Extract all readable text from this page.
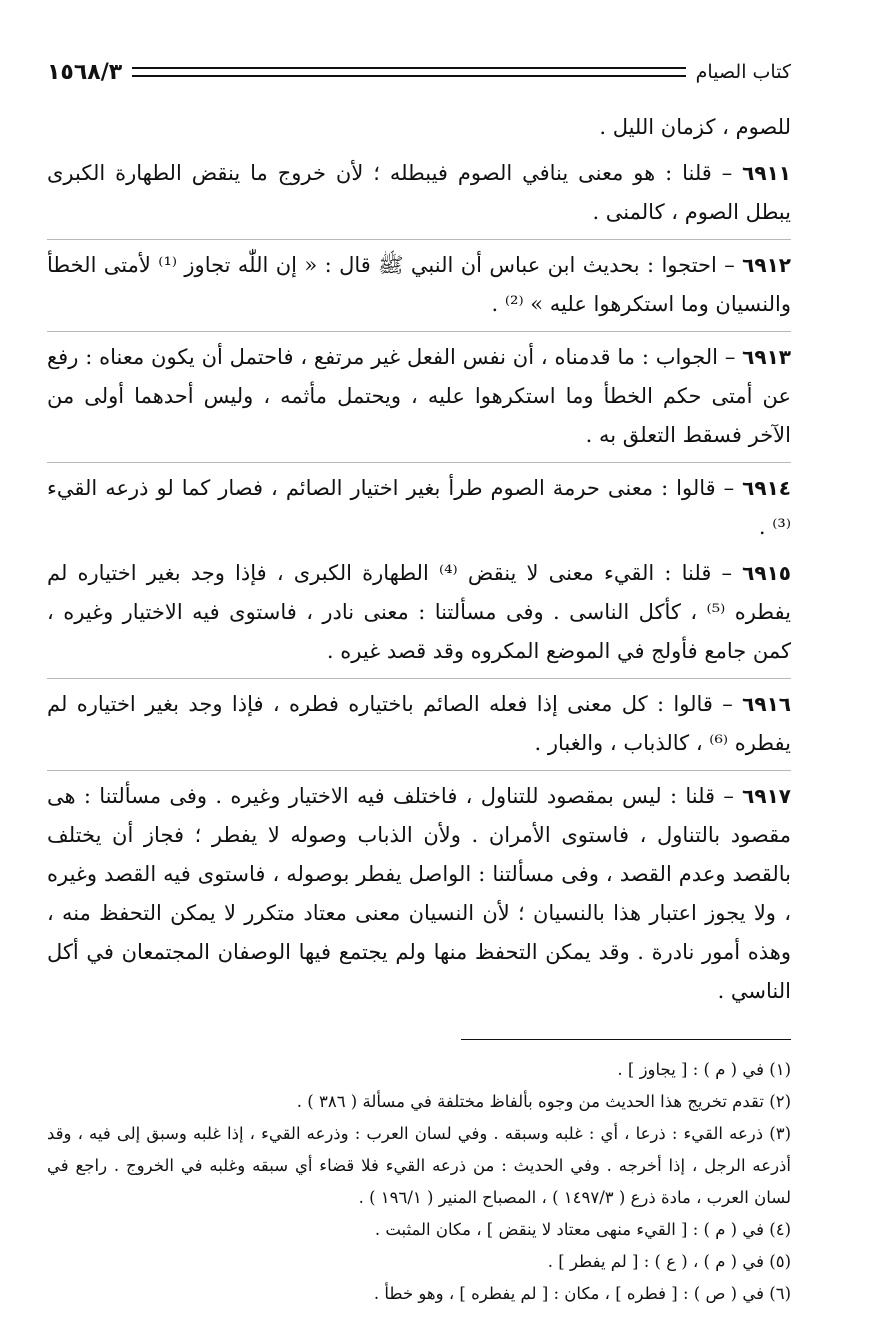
١٥٦٨/٣	كتاب الصيام

للصوم ، كزمان الليل .

٦٩١١ – قلنا : هو معنى ينافي الصوم فيبطله ؛ لأن خروج ما ينقض الطهارة الكبرى يبطل الصوم ، كالمنى .

٦٩١٢ – احتجوا : بحديث ابن عباس أن النبي ﷺ قال : « إن اللّٰه تجاوز ⁽¹⁾ لأمتى الخطأ والنسيان وما استكرهوا عليه » ⁽²⁾ .

٦٩١٣ – الجواب : ما قدمناه ، أن نفس الفعل غير مرتفع ، فاحتمل أن يكون معناه : رفع عن أمتى حكم الخطأ وما استكرهوا عليه ، ويحتمل مأثمه ، وليس أحدهما أولى من الآخر فسقط التعلق به .

٦٩١٤ – قالوا : معنى حرمة الصوم طرأ بغير اختيار الصائم ، فصار كما لو ذرعه القيء ⁽³⁾ .

٦٩١٥ – قلنا : القيء معنى لا ينقض ⁽⁴⁾ الطهارة الكبرى ، فإذا وجد بغير اختياره لم يفطره ⁽⁵⁾ ، كأكل الناسى . وفى مسألتنا : معنى نادر ، فاستوى فيه الاختيار وغيره ، كمن جامع فأولج في الموضع المكروه وقد قصد غيره .

٦٩١٦ – قالوا : كل معنى إذا فعله الصائم باختياره فطره ، فإذا وجد بغير اختياره لم يفطره ⁽⁶⁾ ، كالذباب ، والغبار .

٦٩١٧ – قلنا : ليس بمقصود للتناول ، فاختلف فيه الاختيار وغيره . وفى مسألتنا : هى مقصود بالتناول ، فاستوى الأمران . ولأن الذباب وصوله لا يفطر ؛ فجاز أن يختلف بالقصد وعدم القصد ، وفى مسألتنا : الواصل يفطر بوصوله ، فاستوى فيه القصد وغيره ، ولا يجوز اعتبار هذا بالنسيان ؛ لأن النسيان معنى معتاد متكرر لا يمكن التحفظ منه ، وهذه أمور نادرة . وقد يمكن التحفظ منها ولم يجتمع فيها الوصفان المجتمعان في أكل الناسي .

(١) في ( م ) : [ يجاوز ] .

(٢) تقدم تخريج هذا الحديث من وجوه بألفاظ مختلفة في مسألة ( ٣٨٦ ) .

(٣) ذرعه القيء : ذرعا ، أي : غلبه وسبقه . وفي لسان العرب : وذرعه القيء ، إذا غلبه وسبق إلى فيه ، وقد أذرعه الرجل ، إذا أخرجه . وفي الحديث : من ذرعه القيء فلا قضاء أي سبقه وغلبه في الخروج . راجع في لسان العرب ، مادة ذرع ( ١٤٩٧/٣ ) ، المصباح المنير ( ١٩٦/١ ) .

(٤) في ( م ) : [ القيء منهى معتاد لا ينقض ] ، مكان المثبت .

(٥) في ( م ) ، ( ع ) : [ لم يفطر ] .

(٦) في ( ص ) : [ فطره ] ، مكان : [ لم يفطره ] ، وهو خطأ .
